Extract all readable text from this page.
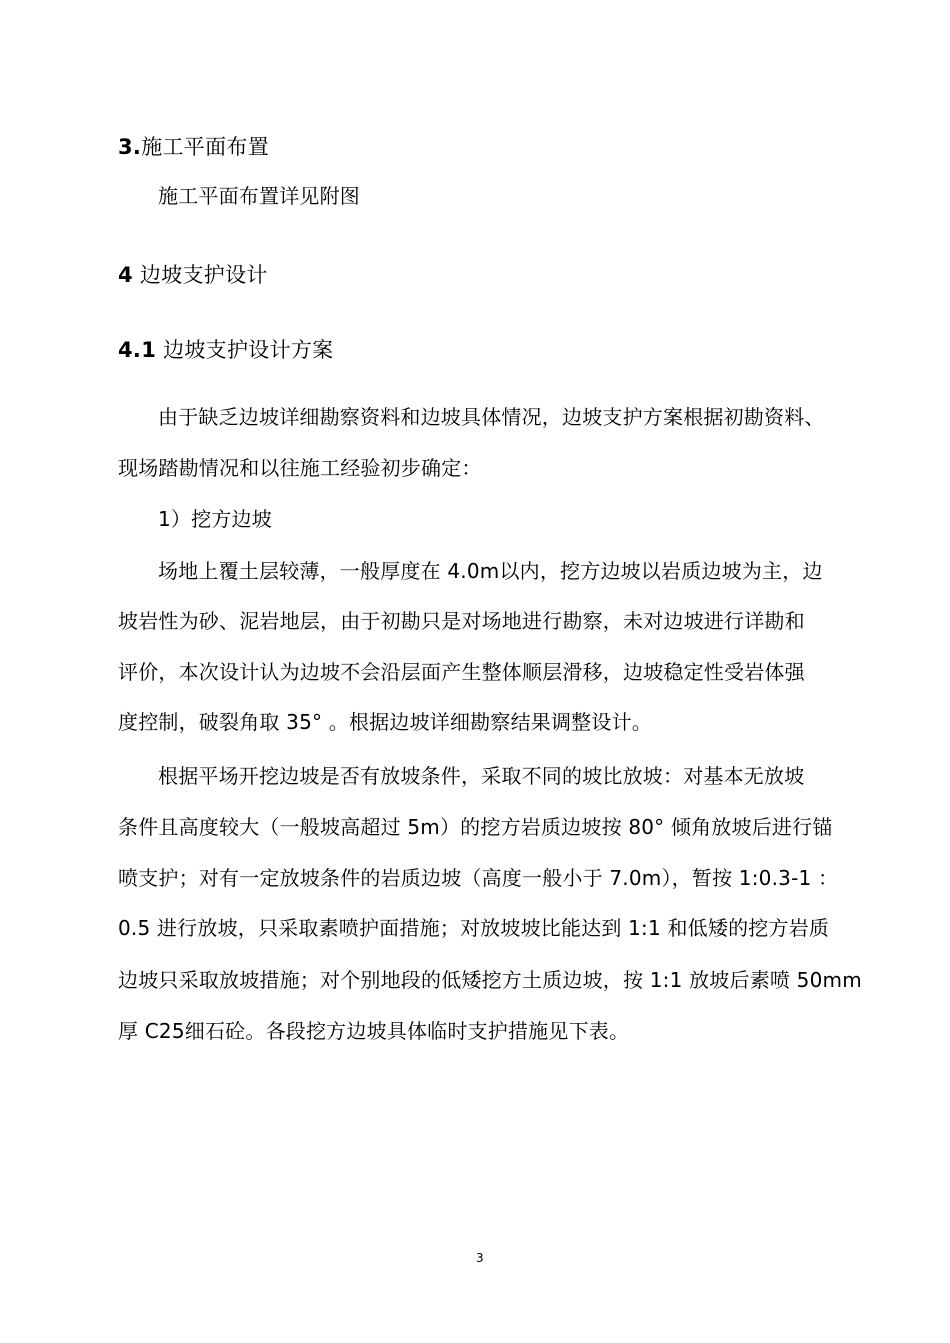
3.施工平面布置
施工平面布置详见附图
4 边坡支护设计
4.1 边坡支护设计方案
由于缺乏边坡详细勘察资料和边坡具体情况，边坡支护方案根据初勘资料、
现场踏勘情况和以往施工经验初步确定：
1）挖方边坡
场地上覆土层较薄，一般厚度在 4.0m以内，挖方边坡以岩质边坡为主，边
坡岩性为砂、泥岩地层，由于初勘只是对场地进行勘察，未对边坡进行详勘和
评价，本次设计认为边坡不会沿层面产生整体顺层滑移，边坡稳定性受岩体强
度控制，破裂角取 35° 。根据边坡详细勘察结果调整设计。
根据平场开挖边坡是否有放坡条件，采取不同的坡比放坡：对基本无放坡
条件且高度较大（一般坡高超过 5m）的挖方岩质边坡按 80° 倾角放坡后进行锚
喷支护；对有一定放坡条件的岩质边坡（高度一般小于 7.0m），暂按 1:0.3-1 ：
0.5 进行放坡，只采取素喷护面措施；对放坡坡比能达到 1:1 和低矮的挖方岩质
边坡只采取放坡措施；对个别地段的低矮挖方土质边坡，按 1:1 放坡后素喷 50mm
厚 C25细石砼。各段挖方边坡具体临时支护措施见下表。
3
